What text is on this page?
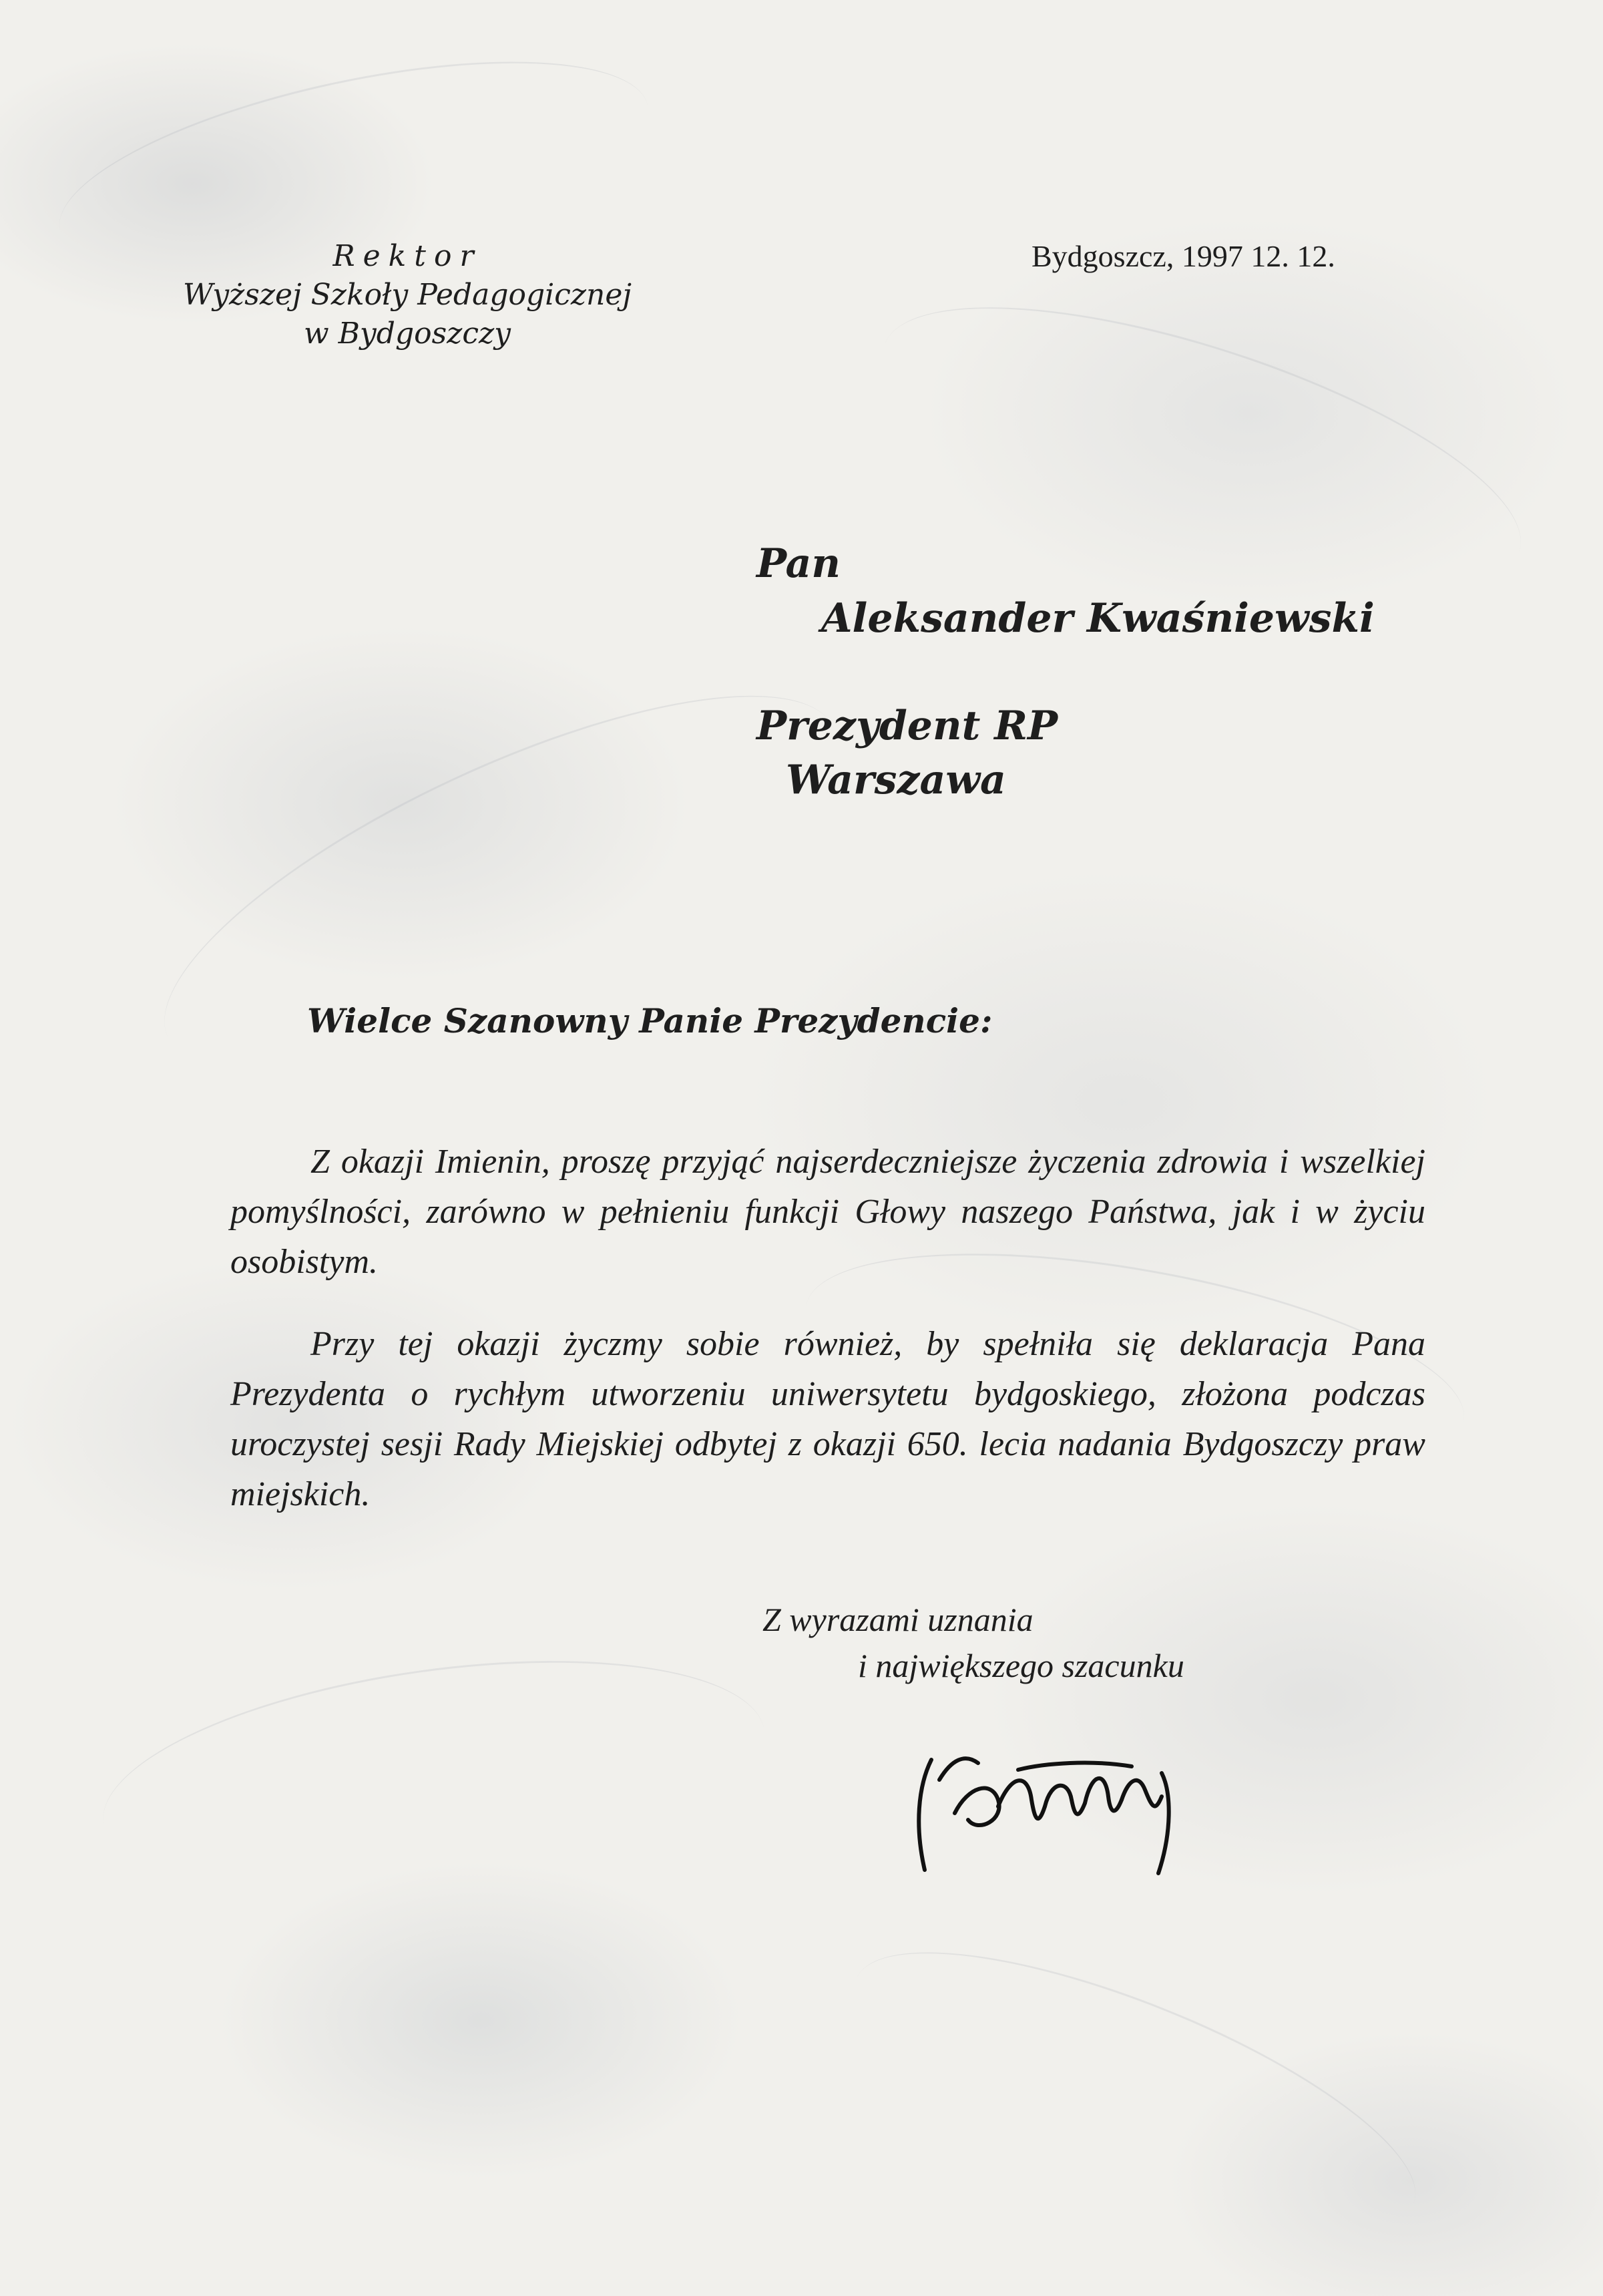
Rektor
Wyższej Szkoły Pedagogicznej
w Bydgoszczy
Bydgoszcz, 1997 12. 12.
Pan
Aleksander Kwaśniewski
Prezydent RP
Warszawa
Wielce Szanowny Panie Prezydencie:
Z okazji Imienin, proszę przyjąć najserdeczniejsze życzenia zdrowia i wszelkiej pomyślności, zarówno w pełnieniu funkcji Głowy naszego Państwa, jak i w życiu osobistym.
Przy tej okazji życzmy sobie również, by spełniła się deklaracja Pana Prezydenta o rychłym utworzeniu uniwersytetu bydgoskiego, złożona podczas uroczystej sesji Rady Miejskiej odbytej z okazji 650. lecia nadania Bydgoszczy praw miejskich.
Z wyrazami uznania
i największego szacunku
